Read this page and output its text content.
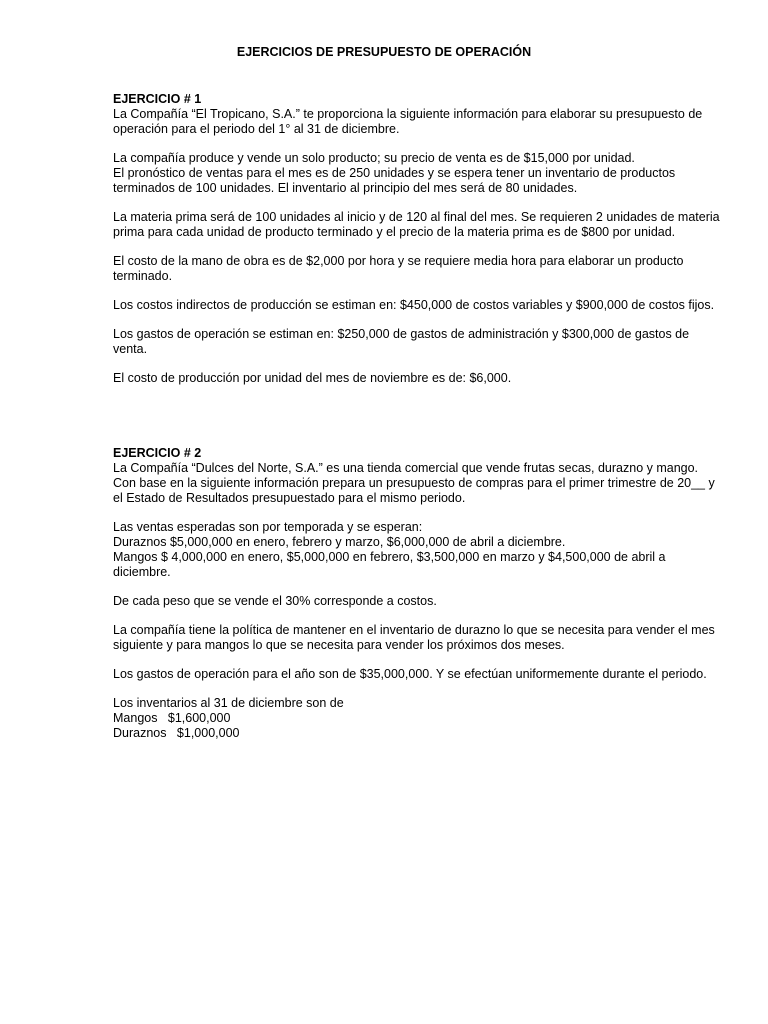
EJERCICIOS DE PRESUPUESTO DE OPERACIÓN
EJERCICIO # 1

La Compañía “El Tropicano, S.A.” te proporciona la siguiente información para elaborar su presupuesto de
operación para el periodo del 1° al 31 de diciembre.

La compañía produce y vende un solo producto; su precio de venta es de $15,000 por unidad.
El pronóstico de ventas para el mes es de 250 unidades y se espera tener un inventario de productos
terminados de 100 unidades. El inventario al principio del mes será de 80 unidades.

La materia prima será de 100 unidades al inicio y de 120 al final del mes. Se requieren 2 unidades de materia
prima para cada unidad de producto terminado y el precio de la materia prima es de $800 por unidad.

El costo de la mano de obra es de $2,000 por hora y se requiere media hora para elaborar un producto
terminado.

Los costos indirectos de producción se estiman en: $450,000 de costos variables y $900,000 de costos fijos.

Los gastos de operación se estiman en: $250,000 de gastos de administración y $300,000 de gastos de
venta.

El costo de producción por unidad del mes de noviembre es de: $6,000.

EJERCICIO # 2

La Compañía “Dulces del Norte, S.A.” es una tienda comercial que vende frutas secas, durazno y mango.
Con base en la siguiente información prepara un presupuesto de compras para el primer trimestre de 20__ y
el Estado de Resultados presupuestado para el mismo periodo.

Las ventas esperadas son por temporada y se esperan:
Duraznos $5,000,000 en enero, febrero y marzo, $6,000,000 de abril a diciembre.
Mangos $ 4,000,000 en enero, $5,000,000 en febrero, $3,500,000 en marzo y $4,500,000 de abril a
diciembre.

De cada peso que se vende el 30% corresponde a costos.

La compañía tiene la política de mantener en el inventario de durazno lo que se necesita para vender el mes
siguiente y para mangos lo que se necesita para vender los próximos dos meses.

Los gastos de operación para el año son de $35,000,000. Y se efectúan uniformemente durante el periodo.

Los inventarios al 31 de diciembre son de
Mangos   $1,600,000
Duraznos   $1,000,000
